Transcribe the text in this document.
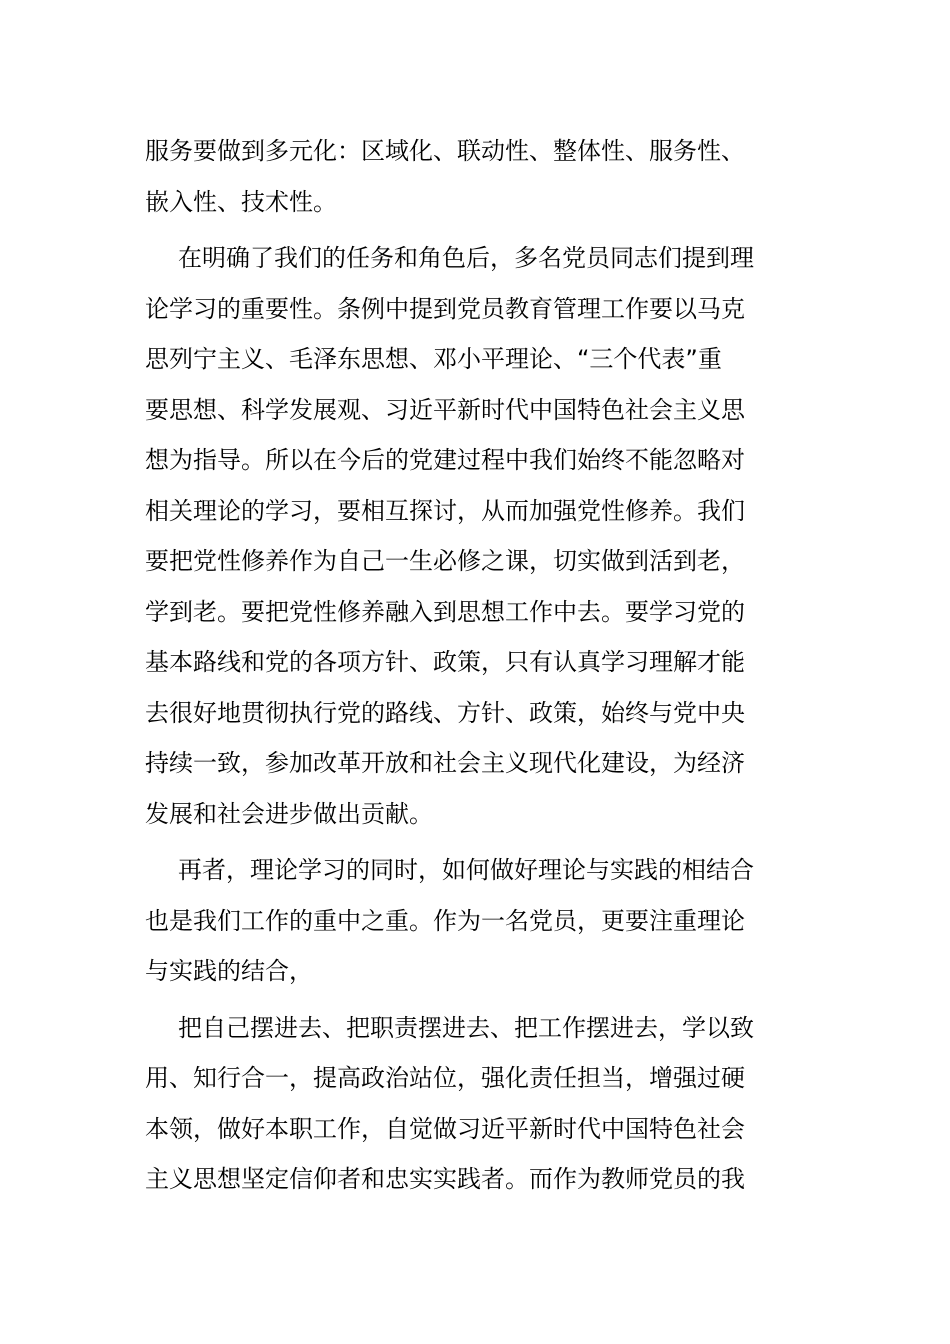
服务要做到多元化：区域化、联动性、整体性、服务性、
嵌入性、技术性。
在明确了我们的任务和角色后，多名党员同志们提到理
论学习的重要性。条例中提到党员教育管理工作要以马克
思列宁主义、毛泽东思想、邓小平理论、“三个代表”重
要思想、科学发展观、习近平新时代中国特色社会主义思
想为指导。所以在今后的党建过程中我们始终不能忽略对
相关理论的学习，要相互探讨，从而加强党性修养。我们
要把党性修养作为自己一生必修之课，切实做到活到老，
学到老。要把党性修养融入到思想工作中去。要学习党的
基本路线和党的各项方针、政策，只有认真学习理解才能
去很好地贯彻执行党的路线、方针、政策，始终与党中央
持续一致，参加改革开放和社会主义现代化建设，为经济
发展和社会进步做出贡献。
再者，理论学习的同时，如何做好理论与实践的相结合
也是我们工作的重中之重。作为一名党员，更要注重理论
与实践的结合，
把自己摆进去、把职责摆进去、把工作摆进去，学以致
用、知行合一，提高政治站位，强化责任担当，增强过硬
本领，做好本职工作，自觉做习近平新时代中国特色社会
主义思想坚定信仰者和忠实实践者。而作为教师党员的我
